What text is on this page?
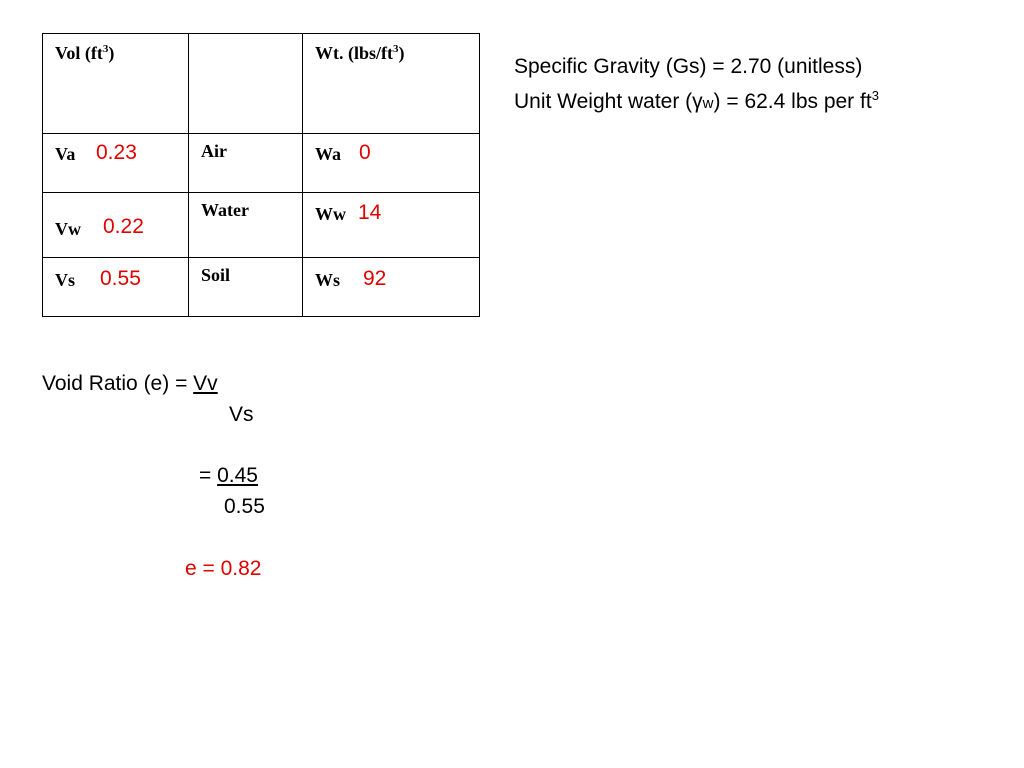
Vol $(ft^3)$		Wt. $(lbs/ft^3)$

Va 0.23	Air	Wa 0

Vw 0.22	Water	Ww 14

Vs 0.55	Soil	Ws 92
Specific Gravity (Gs) = 2.70 (unitless)
Unit Weight water (γw) = 62.4 lbs per $ft^3$
Void Ratio (e) = Vv
Vs
= 0.45
0.55
e = 0.82
